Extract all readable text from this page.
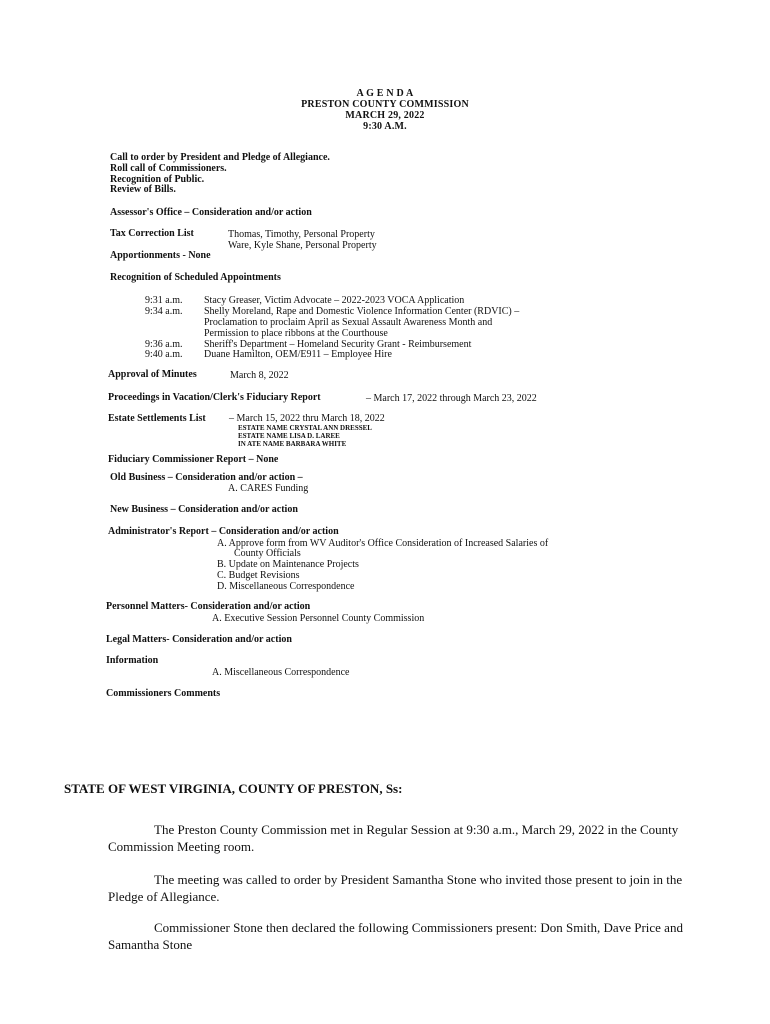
A G E N D A
PRESTON COUNTY COMMISSION
MARCH 29, 2022
9:30 A.M.
Call to order by President and Pledge of Allegiance.
Roll call of Commissioners.
Recognition of Public.
Review of Bills.
Assessor's Office – Consideration and/or action
Tax Correction List	Thomas, Timothy, Personal Property
Ware, Kyle Shane, Personal Property
Apportionments - None
Recognition of Scheduled Appointments
9:31 a.m. Stacy Greaser, Victim Advocate – 2022-2023 VOCA Application
9:34 a.m. Shelly Moreland, Rape and Domestic Violence Information Center (RDVIC) –
Proclamation to proclaim April as Sexual Assault Awareness Month and
Permission to place ribbons at the Courthouse
9:36 a.m. Sheriff's Department – Homeland Security Grant - Reimbursement
9:40 a.m. Duane Hamilton, OEM/E911 – Employee Hire
Approval of Minutes	March 8, 2022
Proceedings in Vacation/Clerk's Fiduciary Report	– March 17, 2022 through March 23, 2022
Estate Settlements List – March 15, 2022 thru March 18, 2022
ESTATE NAME CRYSTAL ANN DRESSEL
ESTATE NAME LISA D. LAREE
IN ATE NAME BARBARA WHITE
Fiduciary Commissioner Report – None
Old Business – Consideration and/or action –
A. CARES Funding
New Business – Consideration and/or action
Administrator's Report – Consideration and/or action
A. Approve form from WV Auditor's Office Consideration of Increased Salaries of
County Officials
B. Update on Maintenance Projects
C. Budget Revisions
D. Miscellaneous Correspondence
Personnel Matters- Consideration and/or action
A. Executive Session Personnel County Commission
Legal Matters- Consideration and/or action
Information
A. Miscellaneous Correspondence
Commissioners Comments
STATE OF WEST VIRGINIA, COUNTY OF PRESTON, Ss:
The Preston County Commission met in Regular Session at 9:30 a.m., March 29, 2022 in the County Commission Meeting room.
The meeting was called to order by President Samantha Stone who invited those present to join in the Pledge of Allegiance.
Commissioner Stone then declared the following Commissioners present: Don Smith, Dave Price and Samantha Stone
